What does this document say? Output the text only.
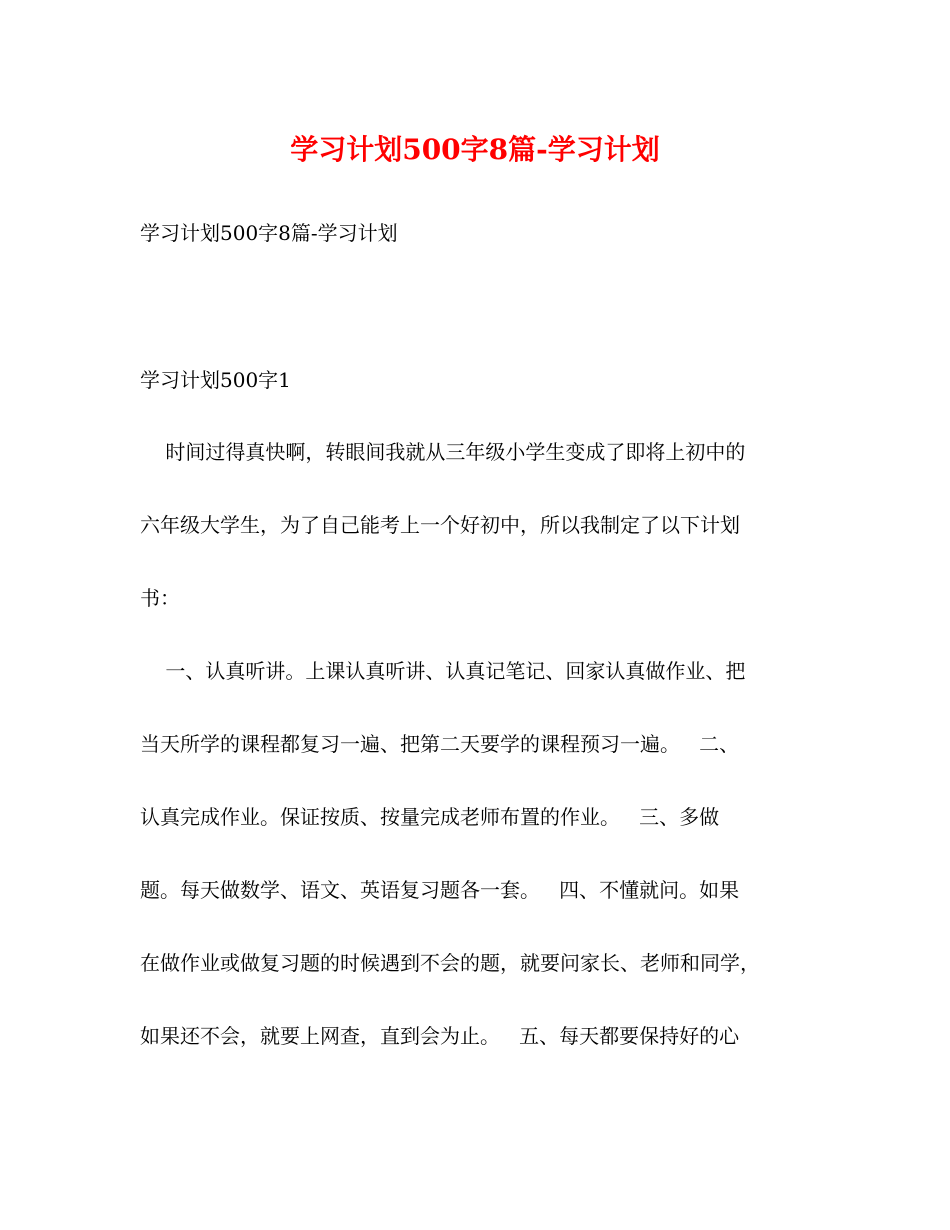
学习计划500字8篇-学习计划
学习计划500字8篇-学习计划
学习计划500字1
时间过得真快啊，转眼间我就从三年级小学生变成了即将上初中的
六年级大学生，为了自己能考上一个好初中，所以我制定了以下计划
书：
一、认真听讲。上课认真听讲、认真记笔记、回家认真做作业、把
当天所学的课程都复习一遍、把第二天要学的课程预习一遍。   二、
认真完成作业。保证按质、按量完成老师布置的作业。   三、多做
题。每天做数学、语文、英语复习题各一套。   四、不懂就问。如果
在做作业或做复习题的时候遇到不会的题，就要问家长、老师和同学，
如果还不会，就要上网查，直到会为止。   五、每天都要保持好的心
